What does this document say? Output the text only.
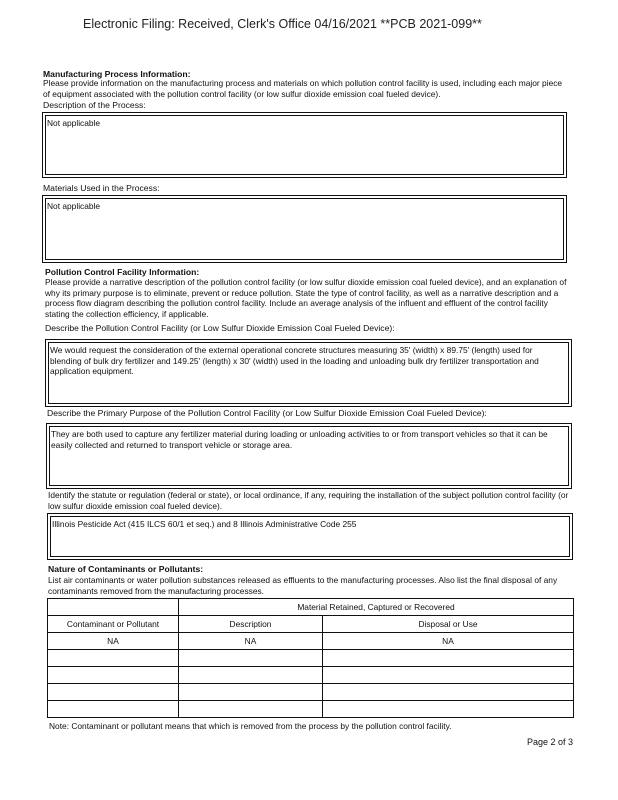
Electronic Filing: Received, Clerk's Office 04/16/2021 **PCB 2021-099**
Manufacturing Process Information:
Please provide information on the manufacturing process and materials on which pollution control facility is used, including each major piece of equipment associated with the pollution control facility (or low sulfur dioxide emission coal fueled device).
Description of the Process:
Not applicable
Materials Used in the Process:
Not applicable
Pollution Control Facility Information:
Please provide a narrative description of the pollution control facility (or low sulfur dioxide emission coal fueled device), and an explanation of why its primary purpose is to eliminate, prevent or reduce pollution. State the type of control facility, as well as a narrative description and a process flow diagram describing the pollution control facility. Include an average analysis of the influent and effluent of the control facility stating the collection efficiency, if applicable.
Describe the Pollution Control Facility (or Low Sulfur Dioxide Emission Coal Fueled Device):
We would request the consideration of the external operational concrete structures measuring 35' (width) x 89.75' (length) used for blending of bulk dry fertilizer and 149.25' (length) x 30' (width) used in the loading and unloading bulk dry fertilizer transportation and application equipment.
Describe the Primary Purpose of the Pollution Control Facility (or Low Sulfur Dioxide Emission Coal Fueled Device):
They are both used to capture any fertilizer material during loading or unloading activities to or from transport vehicles so that it can be easily collected and returned to transport vehicle or storage area.
Identify the statute or regulation (federal or state), or local ordinance, if any, requiring the installation of the subject pollution control facility (or low sulfur dioxide emission coal fueled device).
Illinois Pesticide Act (415 ILCS 60/1 et seq.) and 8 Illinois Administrative Code 255
Nature of Contaminants or Pollutants:
List air contaminants or water pollution substances released as effluents to the manufacturing processes. Also list the final disposal of any contaminants removed from the manufacturing processes.
	Material Retained, Captured or Recovered	
Contaminant or Pollutant	Description	Disposal or Use
NA	NA	NA

Note: Contaminant or pollutant means that which is removed from the process by the pollution control facility.
Page 2 of 3
